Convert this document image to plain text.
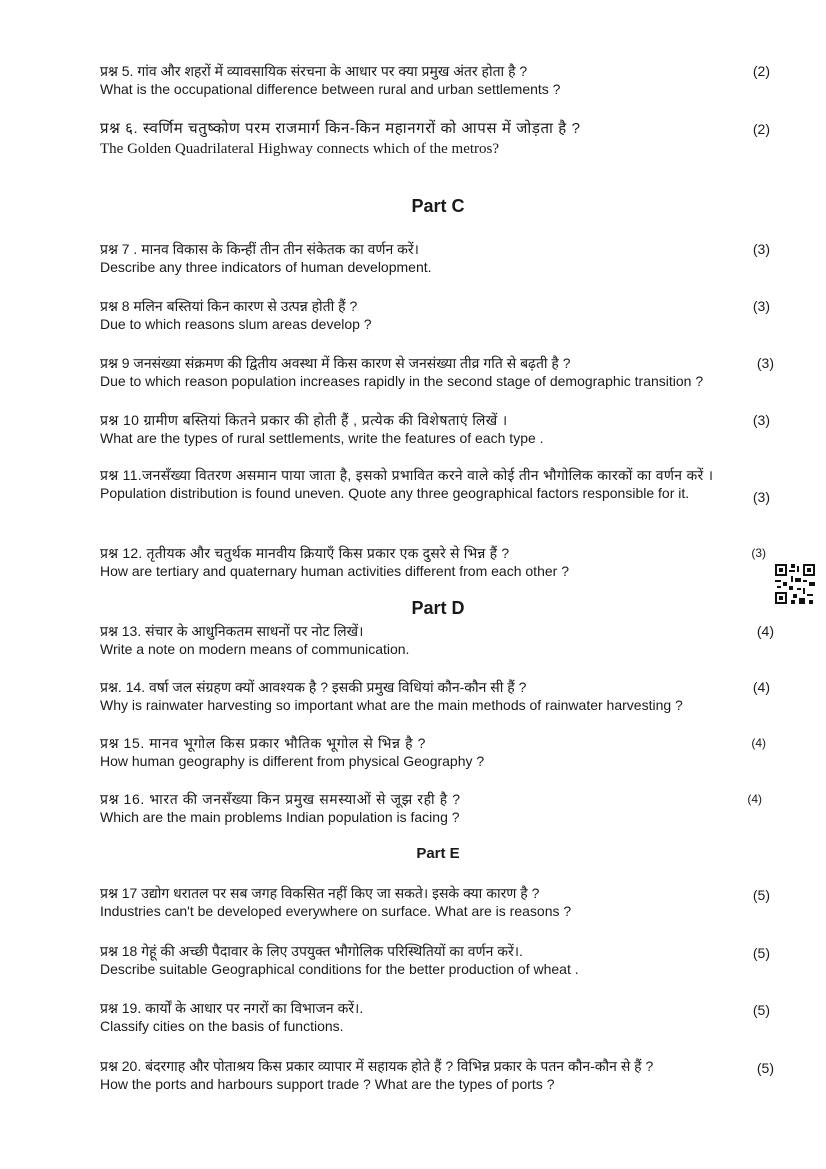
प्रश्न 5. गांव और शहरों में व्यावसायिक संरचना के आधार पर क्या प्रमुख अंतर होता है ?
What is the occupational difference between rural and urban settlements ?
(2)
प्रश्न ६. स्वर्णिम चतुष्कोण परम राजमार्ग किन-किन महानगरों को आपस में जोड़ता है ?
The Golden Quadrilateral Highway connects which of the metros?
(2)
Part C
प्रश्न 7 . मानव विकास के किन्हीं तीन तीन संकेतक का वर्णन करें।
Describe any three indicators of human development.
(3)
प्रश्न 8 मलिन बस्तियां किन कारण से उत्पन्न होती हैं ?
Due to which reasons slum areas develop ?
(3)
प्रश्न 9 जनसंख्या संक्रमण की द्वितीय अवस्था में किस कारण से जनसंख्या तीव्र गति से बढ़ती है ?
Due to which reason population increases rapidly in the second stage of demographic transition ?
(3)
प्रश्न 10 ग्रामीण बस्तियां कितने प्रकार की होती हैं , प्रत्येक की विशेषताएं लिखें ।
What are the types of rural settlements, write the features of each type .
(3)
प्रश्न 11.जनसँख्या वितरण असमान पाया जाता है, इसको प्रभावित करने वाले कोई तीन भौगोलिक कारकों का वर्णन करें ।
Population distribution is found uneven. Quote any three geographical factors responsible for it.	(3)
प्रश्न 12. तृतीयक और चतुर्थक मानवीय क्रियाएँ किस प्रकार एक दुसरे से भिन्न हैं ?
How are tertiary and quaternary human activities different from each other ?
(3)
Part D
प्रश्न 13. संचार के आधुनिकतम साधनों पर नोट लिखें।
Write a note on modern means of communication.
(4)
प्रश्न. 14. वर्षा जल संग्रहण क्यों आवश्यक है ? इसकी प्रमुख विधियां कौन-कौन सी हैं ?
Why is rainwater harvesting so important what are the main methods of rainwater harvesting ?
(4)
प्रश्न 15. मानव भूगोल किस प्रकार भौतिक भूगोल से भिन्न है ?
How human geography is different from physical Geography ?
(4)
प्रश्न 16. भारत की जनसँख्या किन प्रमुख समस्याओं से जूझ रही है ?
Which are the main problems Indian population is facing ?
(4)
Part E
प्रश्न 17 उद्योग धरातल पर सब जगह विकसित नहीं किए जा सकते। इसके क्या कारण है ?
Industries can't be developed everywhere on surface. What are is reasons ?
(5)
प्रश्न 18 गेहूं की अच्छी पैदावार के लिए उपयुक्त भौगोलिक परिस्थितियों का वर्णन करें।.
Describe suitable Geographical conditions for the better production of wheat .
(5)
प्रश्न 19. कार्यों के आधार पर नगरों का विभाजन करें।.
Classify cities on the basis of functions.
(5)
प्रश्न 20. बंदरगाह और पोताश्रय किस प्रकार व्यापार में सहायक होते हैं ? विभिन्न प्रकार के पतन कौन-कौन से हैं ?
How the ports and harbours support trade ? What are the types of ports ?
(5)
